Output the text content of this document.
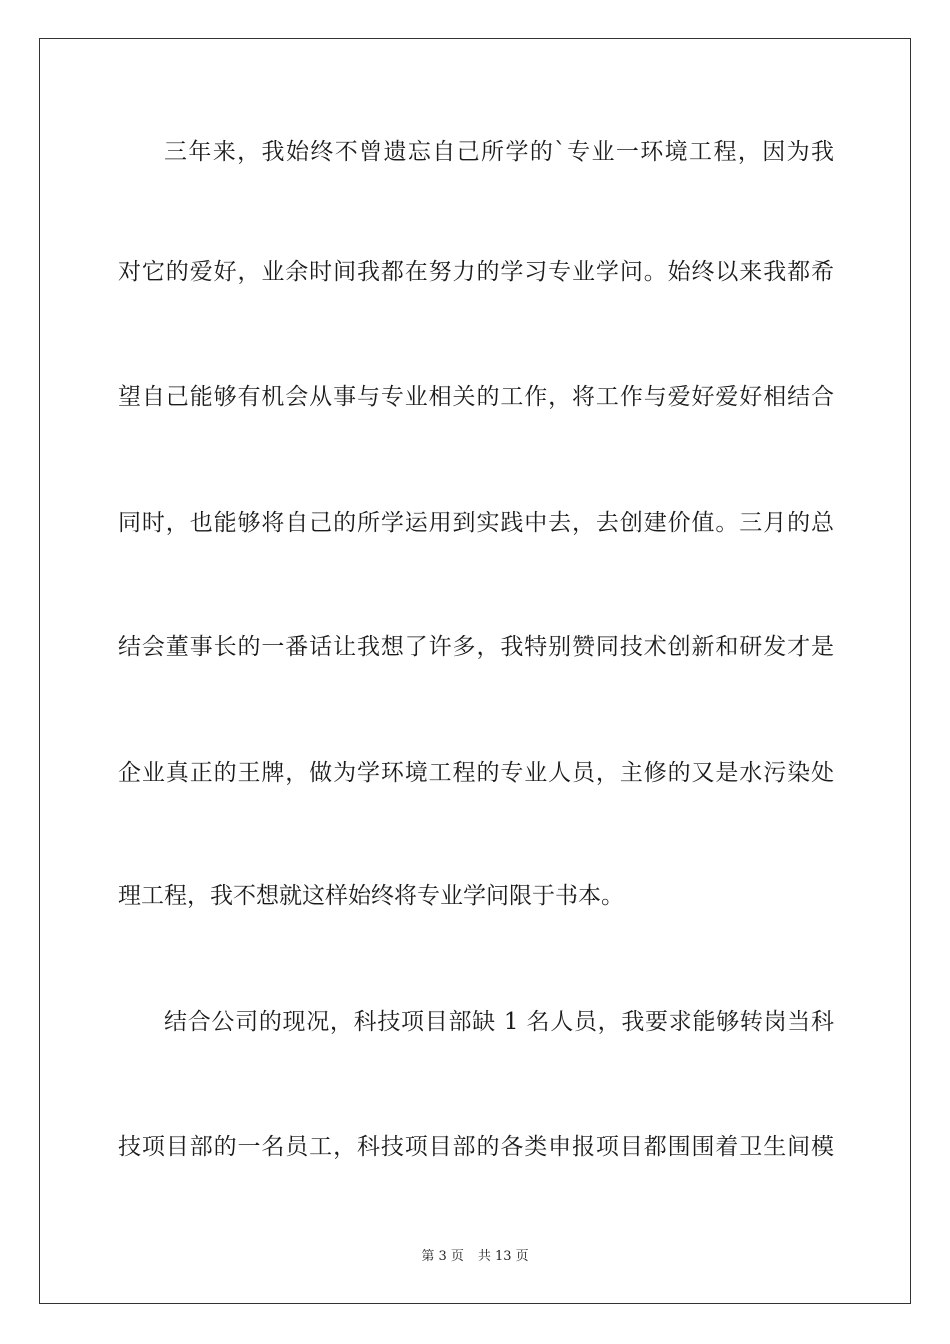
三年来，我始终不曾遗忘自己所学的`专业一环境工程，因为我
对它的爱好，业余时间我都在努力的学习专业学问。始终以来我都希
望自己能够有机会从事与专业相关的工作，将工作与爱好爱好相结合
同时，也能够将自己的所学运用到实践中去，去创建价值。三月的总
结会董事长的一番话让我想了许多，我特别赞同技术创新和研发才是
企业真正的王牌，做为学环境工程的专业人员，主修的又是水污染处
理工程，我不想就这样始终将专业学问限于书本。
结合公司的现况，科技项目部缺 1 名人员，我要求能够转岗当科
技项目部的一名员工，科技项目部的各类申报项目都围围着卫生间模
第 3 页 共 13 页
